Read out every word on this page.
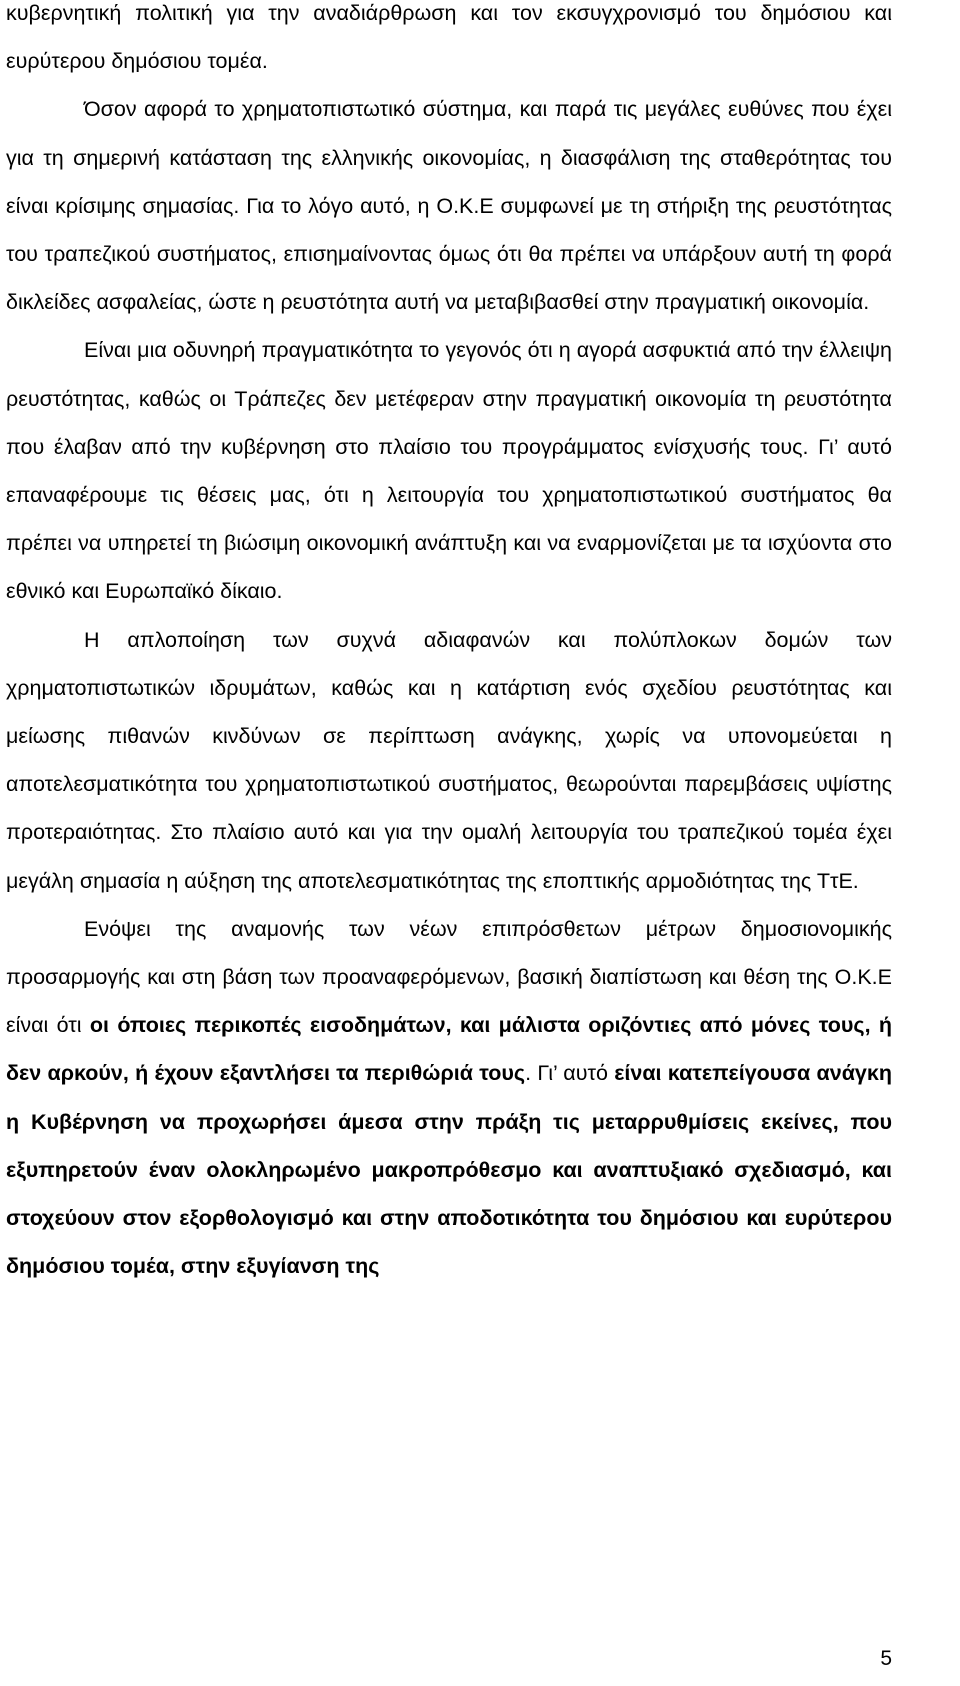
κυβερνητική πολιτική για την αναδιάρθρωση και τον εκσυγχρονισμό του δημόσιου και ευρύτερου δημόσιου τομέα.

Όσον αφορά το χρηματοπιστωτικό σύστημα, και παρά τις μεγάλες ευθύνες που έχει για τη σημερινή κατάσταση της ελληνικής οικονομίας, η διασφάλιση της σταθερότητας του είναι κρίσιμης σημασίας. Για το λόγο αυτό, η Ο.Κ.Ε συμφωνεί με τη στήριξη της ρευστότητας του τραπεζικού συστήματος, επισημαίνοντας όμως ότι θα πρέπει να υπάρξουν αυτή τη φορά δικλείδες ασφαλείας, ώστε η ρευστότητα αυτή να μεταβιβασθεί στην πραγματική οικονομία.

Είναι μια οδυνηρή πραγματικότητα το γεγονός ότι η αγορά ασφυκτιά από την έλλειψη ρευστότητας, καθώς οι Τράπεζες δεν μετέφεραν στην πραγματική οικονομία τη ρευστότητα που έλαβαν από την κυβέρνηση στο πλαίσιο του προγράμματος ενίσχυσής τους. Γι’ αυτό επαναφέρουμε τις θέσεις μας, ότι η λειτουργία του χρηματοπιστωτικού συστήματος θα πρέπει να υπηρετεί τη βιώσιμη οικονομική ανάπτυξη και να εναρμονίζεται με τα ισχύοντα στο εθνικό και Ευρωπαϊκό δίκαιο.

Η απλοποίηση των συχνά αδιαφανών και πολύπλοκων δομών των χρηματοπιστωτικών ιδρυμάτων, καθώς και η κατάρτιση ενός σχεδίου ρευστότητας και μείωσης πιθανών κινδύνων σε περίπτωση ανάγκης, χωρίς να υπονομεύεται η αποτελεσματικότητα του χρηματοπιστωτικού συστήματος, θεωρούνται παρεμβάσεις υψίστης προτεραιότητας. Στο πλαίσιο αυτό και για την ομαλή λειτουργία του τραπεζικού τομέα έχει μεγάλη σημασία η αύξηση της αποτελεσματικότητας της εποπτικής αρμοδιότητας της ΤτΕ.

Ενόψει της αναμονής των νέων επιπρόσθετων μέτρων δημοσιονομικής προσαρμογής και στη βάση των προαναφερόμενων, βασική διαπίστωση και θέση της Ο.Κ.Ε είναι ότι οι όποιες περικοπές εισοδημάτων, και μάλιστα οριζόντιες από μόνες τους, ή δεν αρκούν, ή έχουν εξαντλήσει τα περιθώριά τους. Γι’ αυτό είναι κατεπείγουσα ανάγκη η Κυβέρνηση να προχωρήσει άμεσα στην πράξη τις μεταρρυθμίσεις εκείνες, που εξυπηρετούν έναν ολοκληρωμένο μακροπρόθεσμο και αναπτυξιακό σχεδιασμό, και στοχεύουν στον εξορθολογισμό και στην αποδοτικότητα του δημόσιου και ευρύτερου δημόσιου τομέα, στην εξυγίανση της

5
